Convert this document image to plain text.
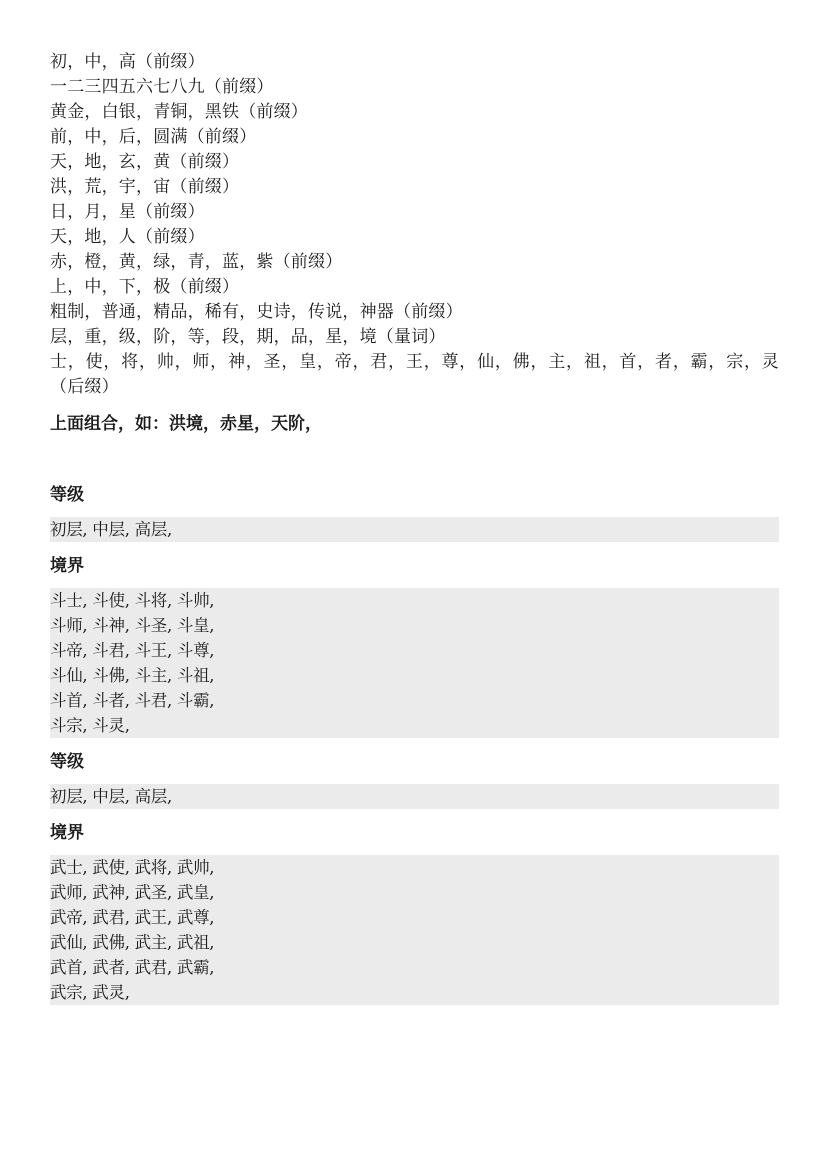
初，中，高（前缀）
一二三四五六七八九（前缀）
黄金，白银，青铜，黑铁（前缀）
前，中，后，圆满（前缀）
天，地，玄，黄（前缀）
洪，荒，宇，宙（前缀）
日，月，星（前缀）
天，地，人（前缀）
赤，橙，黄，绿，青，蓝，紫（前缀）
上，中，下，极（前缀）
粗制，普通，精品，稀有，史诗，传说，神器（前缀）
层，重，级，阶，等，段，期，品，星，境（量词）
士，使，将，帅，师，神，圣，皇，帝，君，王，尊，仙，佛，主，祖，首，者，霸，宗，灵（后缀）
上面组合，如：洪境，赤星，天阶，
等级
初层, 中层, 高层,
境界
斗士, 斗使, 斗将, 斗帅,
斗师, 斗神, 斗圣, 斗皇,
斗帝, 斗君, 斗王, 斗尊,
斗仙, 斗佛, 斗主, 斗祖,
斗首, 斗者, 斗君, 斗霸,
斗宗, 斗灵,
等级
初层, 中层, 高层,
境界
武士, 武使, 武将, 武帅,
武师, 武神, 武圣, 武皇,
武帝, 武君, 武王, 武尊,
武仙, 武佛, 武主, 武祖,
武首, 武者, 武君, 武霸,
武宗, 武灵,
